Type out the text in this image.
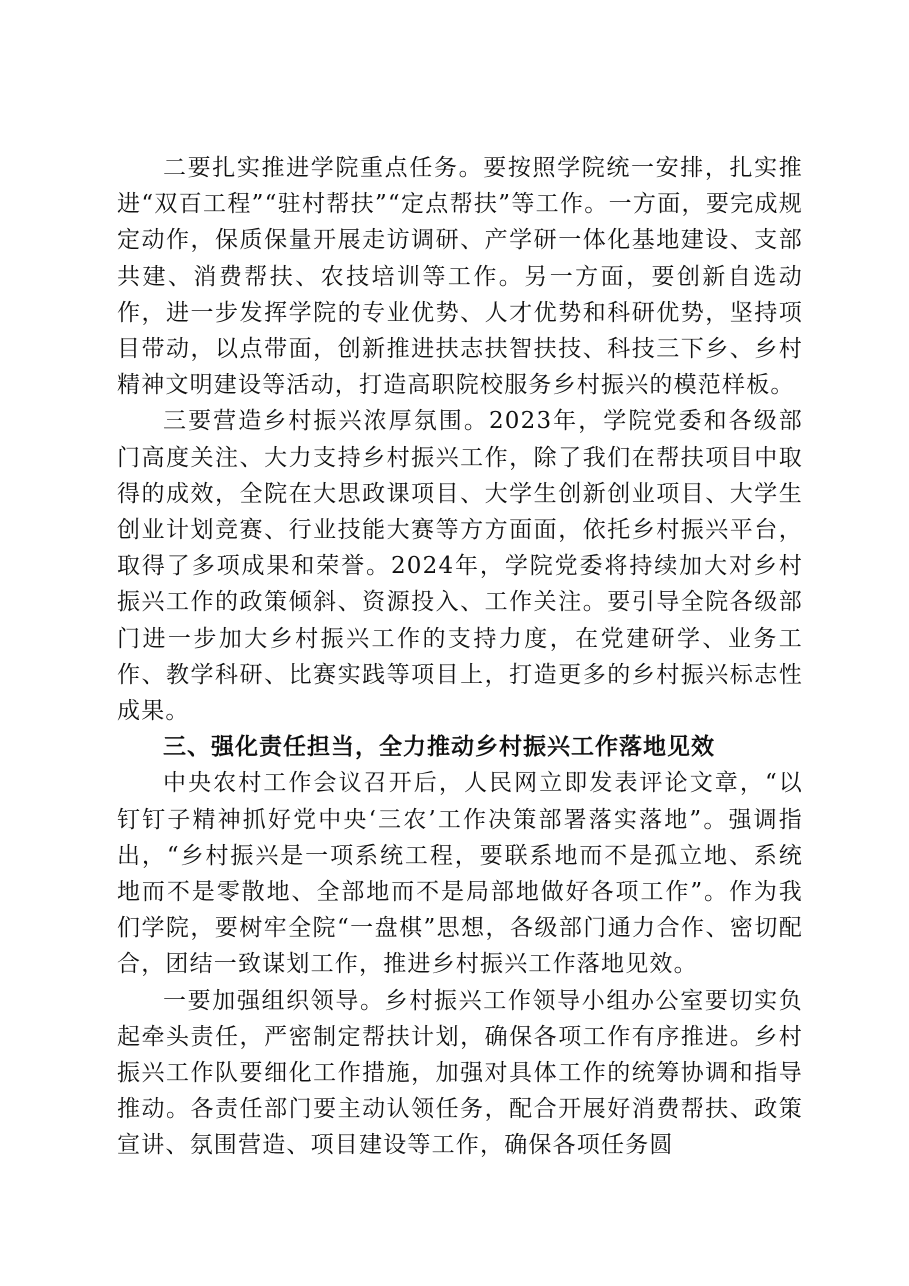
二要扎实推进学院重点任务。要按照学院统一安排，扎实推进“双百工程”“驻村帮扶”“定点帮扶”等工作。一方面，要完成规定动作，保质保量开展走访调研、产学研一体化基地建设、支部共建、消费帮扶、农技培训等工作。另一方面，要创新自选动作，进一步发挥学院的专业优势、人才优势和科研优势，坚持项目带动，以点带面，创新推进扶志扶智扶技、科技三下乡、乡村精神文明建设等活动，打造高职院校服务乡村振兴的模范样板。

三要营造乡村振兴浓厚氛围。2023年，学院党委和各级部门高度关注、大力支持乡村振兴工作，除了我们在帮扶项目中取得的成效，全院在大思政课项目、大学生创新创业项目、大学生创业计划竞赛、行业技能大赛等方方面面，依托乡村振兴平台，取得了多项成果和荣誉。2024年，学院党委将持续加大对乡村振兴工作的政策倾斜、资源投入、工作关注。要引导全院各级部门进一步加大乡村振兴工作的支持力度，在党建研学、业务工作、教学科研、比赛实践等项目上，打造更多的乡村振兴标志性成果。

三、强化责任担当，全力推动乡村振兴工作落地见效

中央农村工作会议召开后，人民网立即发表评论文章，“以钉钉子精神抓好党中央‘三农’工作决策部署落实落地”。强调指出，“乡村振兴是一项系统工程，要联系地而不是孤立地、系统地而不是零散地、全部地而不是局部地做好各项工作”。作为我们学院，要树牢全院“一盘棋”思想，各级部门通力合作、密切配合，团结一致谋划工作，推进乡村振兴工作落地见效。

一要加强组织领导。乡村振兴工作领导小组办公室要切实负起牵头责任，严密制定帮扶计划，确保各项工作有序推进。乡村振兴工作队要细化工作措施，加强对具体工作的统筹协调和指导推动。各责任部门要主动认领任务，配合开展好消费帮扶、政策宣讲、氛围营造、项目建设等工作，确保各项任务圆
